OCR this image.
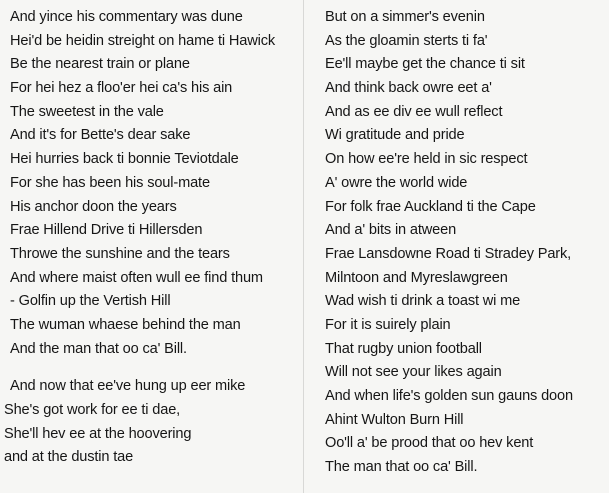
And yince his commentary was dune
Hei'd be heidin streight on hame ti Hawick
Be the nearest train or plane
For hei hez a floo'er hei ca's his ain
The sweetest in the vale
And it's for Bette's dear sake
Hei hurries back ti bonnie Teviotdale
For she has been his soul-mate
His anchor doon the years
Frae Hillend Drive ti Hillersden
Throwe the sunshine and the tears
And where maist often wull ee find thum
- Golfin up the Vertish Hill
The wuman whaese behind the man
And the man that oo ca' Bill.
And now that ee've hung up eer mike
She's got work for ee ti dae,
She'll hev ee at the hoovering
and at the dustin tae
But on a simmer's evenin
As the gloamin sterts ti fa'
Ee'll maybe get the chance ti sit
And think back owre eet a'
And as ee div ee wull reflect
Wi gratitude and pride
On how ee're held in sic respect
A' owre the world wide
For folk frae Auckland ti the Cape
And a' bits in atween
Frae Lansdowne Road ti Stradey Park,
Milntoon and Myreslawgreen
Wad wish ti drink a toast wi me
For it is suirely plain
That rugby union football
Will not see your likes again
And when life's golden sun gauns doon
Ahint Wulton Burn Hill
Oo'll a' be prood that oo hev kent
The man that oo ca' Bill.
